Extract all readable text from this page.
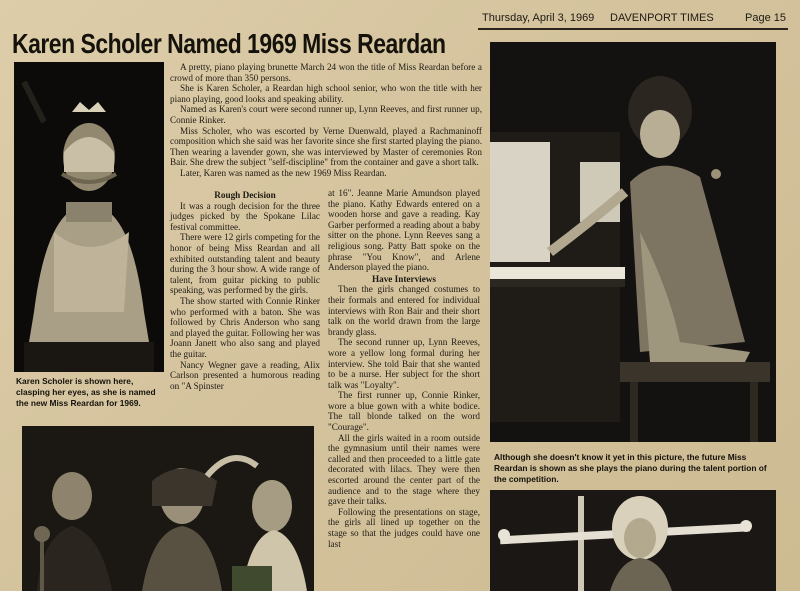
Thursday, April 3, 1969 DAVENPORT TIMES	Page 15
Karen Scholer Named 1969 Miss Reardan
Karen Scholer is shown here, clasping her eyes, as she is named the new Miss Reardan for 1969.

A pretty, piano playing brunette March 24 won the title of Miss Reardan before a crowd of more than 350 persons.

She is Karen Scholer, a Reardan high school senior, who won the title with her piano playing, good looks and speaking ability.

Named as Karen's court were second runner up, Lynn Reeves, and first runner up, Connie Rinker.

Miss Scholer, who was escorted by Verne Duenwald, played a Rachmaninoff composition which she said was her favorite since she first started playing the piano. Then wearing a lavender gown, she was interviewed by Master of ceremonies Ron Bair. She drew the subject "self-discipline" from the container and gave a short talk.

Later, Karen was named as the new 1969 Miss Reardan.

Rough Decision

It was a rough decision for the three judges picked by the Spokane Lilac festival committee.

There were 12 girls competing for the honor of being Miss Reardan and all exhibited outstanding talent and beauty during the 3 hour show. A wide range of talent, from guitar picking to public speaking, was performed by the girls.

The show started with Connie Rinker who performed with a baton. She was followed by Chris Anderson who sang and played the guitar. Following her was Joann Janett who also sang and played the guitar.

Nancy Wegner gave a reading, Alix Carlson presented a humorous reading on "A Spinster

at 16". Jeanne Marie Amundson played the piano. Kathy Edwards entered on a wooden horse and gave a reading. Kay Garber performed a reading about a baby sitter on the phone. Lynn Reeves sang a religious song. Patty Batt spoke on the phrase "You Know", and Arlene Anderson played the piano.

Have Interviews

Then the girls changed costumes to their formals and entered for individual interviews with Ron Bair and their short talk on the world drawn from the large brandy glass.

The second runner up, Lynn Reeves, wore a yellow long formal during her interview. She told Bair that she wanted to be a nurse. Her subject for the short talk was "Loyalty".

The first runner up, Connie Rinker, wore a blue gown with a white bodice. The tall blonde talked on the word "Courage".

All the girls waited in a room outside the gymnasium until their names were called and then proceeded to a little gate decorated with lilacs. They were then escorted around the center part of the audience and to the stage where they gave their talks.

Following the presentations on stage, the girls all lined up together on the stage so that the judges could have one last

Although she doesn't know it yet in this picture, the future Miss Reardan is shown as she plays the piano during the talent portion of the competition.
